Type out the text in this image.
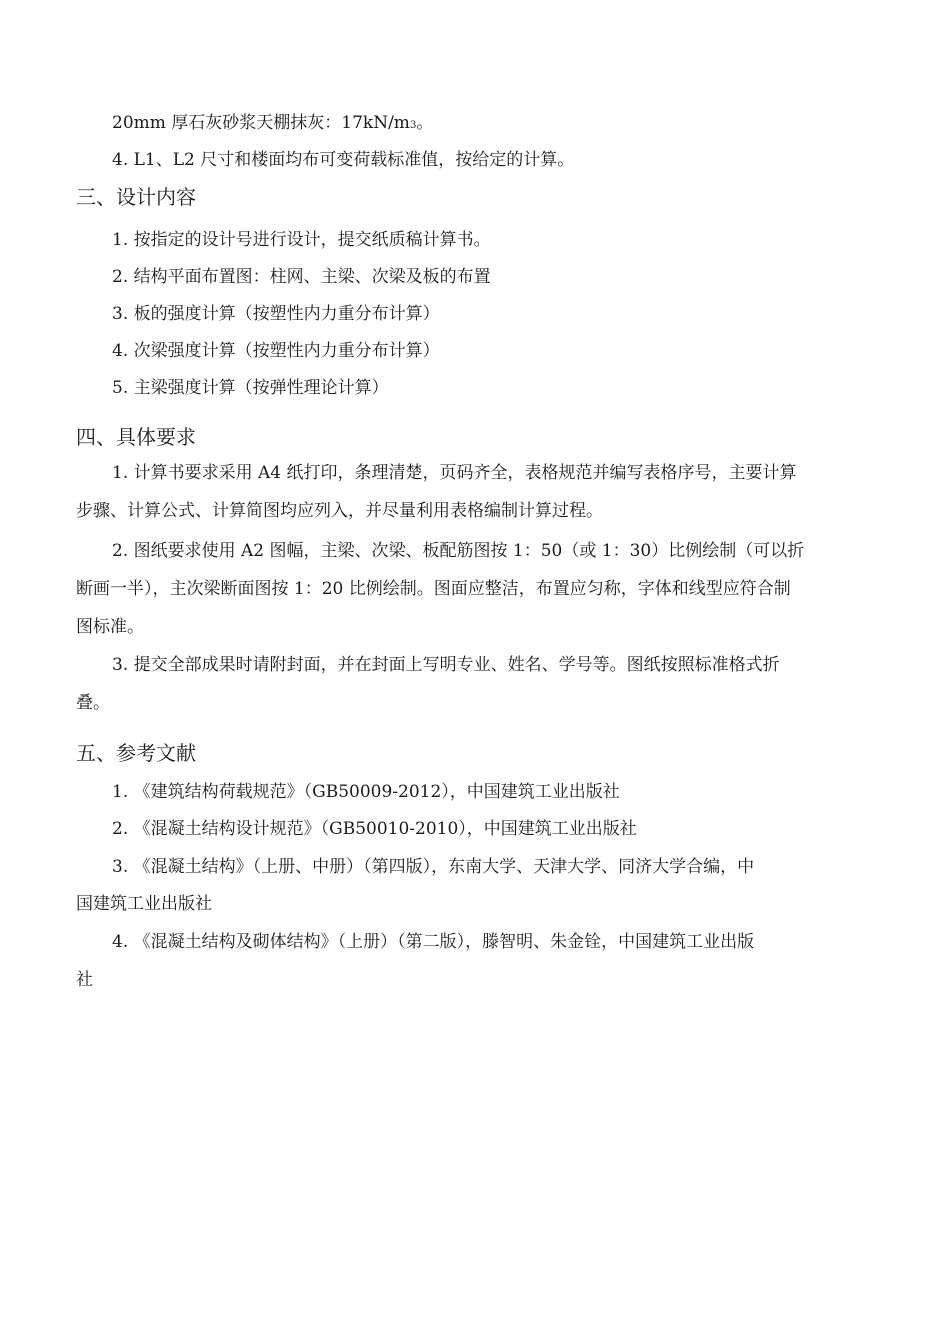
20mm 厚石灰砂浆天棚抹灰：17kN/m3。
4. L1、L2 尺寸和楼面均布可变荷载标准值，按给定的计算。
三、设计内容
1. 按指定的设计号进行设计，提交纸质稿计算书。
2. 结构平面布置图：柱网、主梁、次梁及板的布置
3. 板的强度计算（按塑性内力重分布计算）
4. 次梁强度计算（按塑性内力重分布计算）
5. 主梁强度计算（按弹性理论计算）
四、具体要求
1. 计算书要求采用 A4 纸打印，条理清楚，页码齐全，表格规范并编写表格序号，主要计算
步骤、计算公式、计算简图均应列入，并尽量利用表格编制计算过程。
2. 图纸要求使用 A2 图幅，主梁、次梁、板配筋图按 1：50（或 1：30）比例绘制（可以折
断画一半），主次梁断面图按 1：20 比例绘制。图面应整洁，布置应匀称，字体和线型应符合制
图标准。
3. 提交全部成果时请附封面，并在封面上写明专业、姓名、学号等。图纸按照标准格式折
叠。
五、参考文献
1. 《建筑结构荷载规范》（GB50009-2012），中国建筑工业出版社
2. 《混凝土结构设计规范》（GB50010-2010），中国建筑工业出版社
3. 《混凝土结构》（上册、中册）（第四版），东南大学、天津大学、同济大学合编，中
国建筑工业出版社
4. 《混凝土结构及砌体结构》（上册）（第二版），滕智明、朱金铨，中国建筑工业出版
社
